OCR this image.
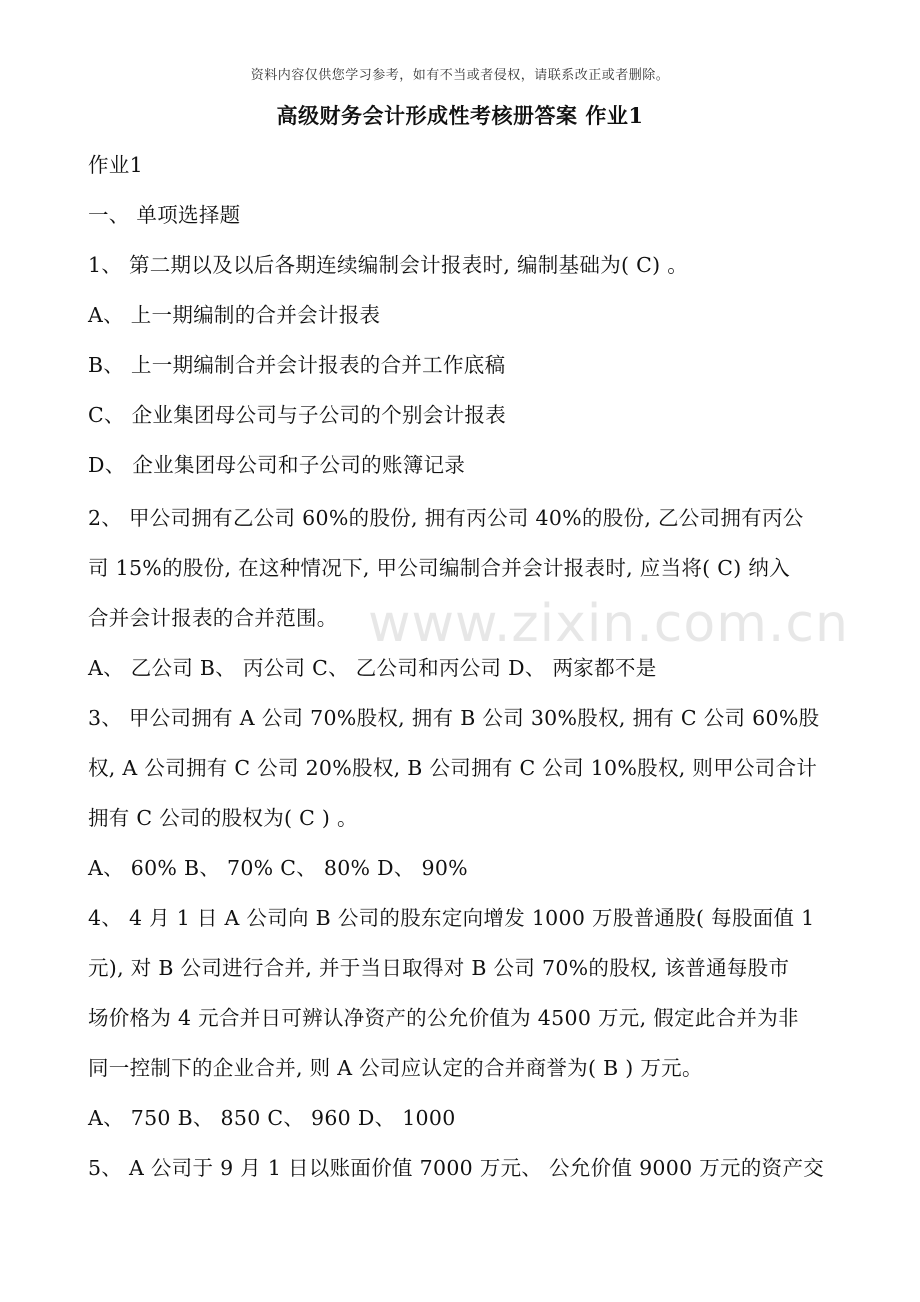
资料内容仅供您学习参考，如有不当或者侵权，请联系改正或者删除。
高级财务会计形成性考核册答案 作业1
作业1
一、 单项选择题
1、 第二期以及以后各期连续编制会计报表时, 编制基础为( C) 。
A、 上一期编制的合并会计报表
B、 上一期编制合并会计报表的合并工作底稿
C、 企业集团母公司与子公司的个别会计报表
D、 企业集团母公司和子公司的账簿记录
2、 甲公司拥有乙公司 60%的股份, 拥有丙公司 40%的股份, 乙公司拥有丙公
司 15%的股份, 在这种情况下, 甲公司编制合并会计报表时, 应当将( C) 纳入
合并会计报表的合并范围。
A、 乙公司 B、 丙公司 C、 乙公司和丙公司 D、 两家都不是
3、 甲公司拥有 A 公司 70%股权, 拥有 B 公司 30%股权, 拥有 C 公司 60%股
权, A 公司拥有 C 公司 20%股权, B 公司拥有 C 公司 10%股权, 则甲公司合计
拥有 C 公司的股权为( C ) 。
A、 60% B、 70% C、 80% D、 90%
4、 4 月 1 日 A 公司向 B 公司的股东定向增发 1000 万股普通股( 每股面值 1
元), 对 B 公司进行合并, 并于当日取得对 B 公司 70%的股权, 该普通每股市
场价格为 4 元合并日可辨认净资产的公允价值为 4500 万元, 假定此合并为非
同一控制下的企业合并, 则 A 公司应认定的合并商誉为( B ) 万元。
A、 750 B、 850 C、 960 D、 1000
5、 A 公司于 9 月 1 日以账面价值 7000 万元、 公允价值 9000 万元的资产交
www.zixin.com.cn
